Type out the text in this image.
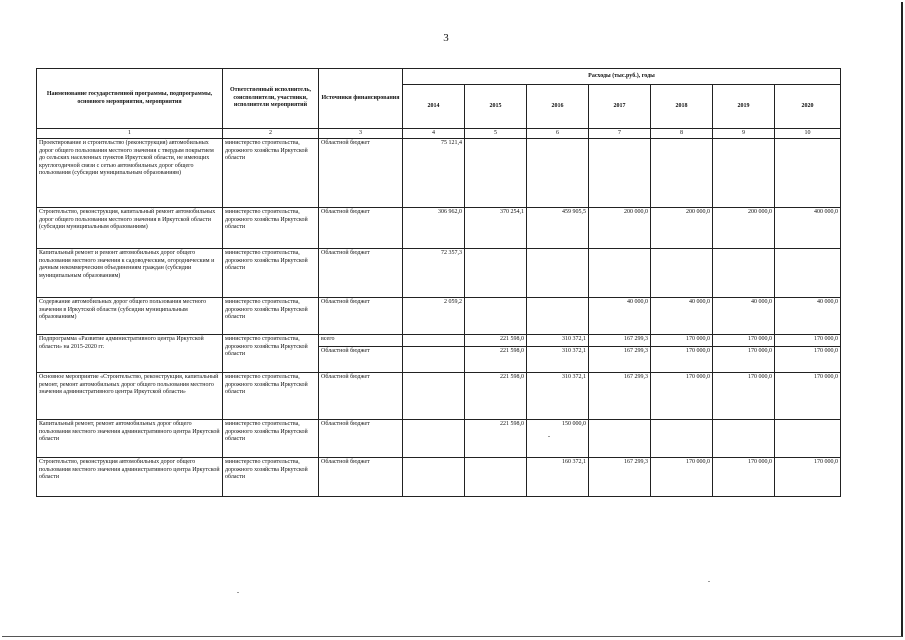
3
Наименование государственной программы, подпрограммы, основного мероприятия, мероприятия	Ответственный исполнитель, соисполнители, участники, исполнители мероприятий	Источники финансирования	Расходы (тыс.руб.), годы						
			2014	2015	2016	2017	2018	2019	2020
1	2	3	4	5	6	7	8	9	10
Проектирование и строительство (реконструкция) автомобильных дорог общего пользования местного значения с твердым покрытием до сельских населенных пунктов Иркутской области, не имеющих круглогодичной связи с сетью автомобильных дорог общего пользования (субсидии муниципальным образованиям)	министерство строительства, дорожного хозяйства Иркутской области	Областной бюджет	75 121,4						
Строительство, реконструкция, капитальный ремонт автомобильных дорог общего пользования местного значения в Иркутской области (субсидии муниципальным образованиям)	министерство строительства, дорожного хозяйства Иркутской области	Областной бюджет	306 962,0	370 254,1	459 905,5	200 000,0	200 000,0	200 000,0	400 000,0
Капитальный ремонт и ремонт автомобильных дорог общего пользования местного значения к садоводческим, огородническим и дачным некоммерческим объединениям граждан (субсидии муниципальным образованиям)	министерство строительства, дорожного хозяйства Иркутской области	Областной бюджет	72 357,3						
Содержание автомобильных дорог общего пользования местного значения в Иркутской области (субсидии муниципальным образованиям)	министерство строительства, дорожного хозяйства Иркутской области	Областной бюджет	2 059,2			40 000,0	40 000,0	40 000,0	40 000,0
Подпрограмма «Развитие административного центра Иркутской области» на 2015-2020 гг.	министерство строительства, дорожного хозяйства Иркутской области	всего		221 598,0	310 372,1	167 299,3	170 000,0	170 000,0	170 000,0
		Областной бюджет		221 598,0	310 372,1	167 299,3	170 000,0	170 000,0	170 000,0
Основное мероприятие «Строительство, реконструкция, капитальный ремонт, ремонт автомобильных дорог общего пользования местного значения административного центра Иркутской области»	министерство строительства, дорожного хозяйства Иркутской области	Областной бюджет		221 598,0	310 372,1	167 299,3	170 000,0	170 000,0	170 000,0
Капитальный ремонт, ремонт автомобильных дорог общего пользования местного значения административного центра Иркутской области	министерство строительства, дорожного хозяйства Иркутской области	Областной бюджет		221 598,0	150 000,0				
Строительство, реконструкция автомобильных дорог общего пользования местного значения административного центра Иркутской области	министерство строительства, дорожного хозяйства Иркутской области	Областной бюджет			160 372,1	167 299,3	170 000,0	170 000,0	170 000,0
